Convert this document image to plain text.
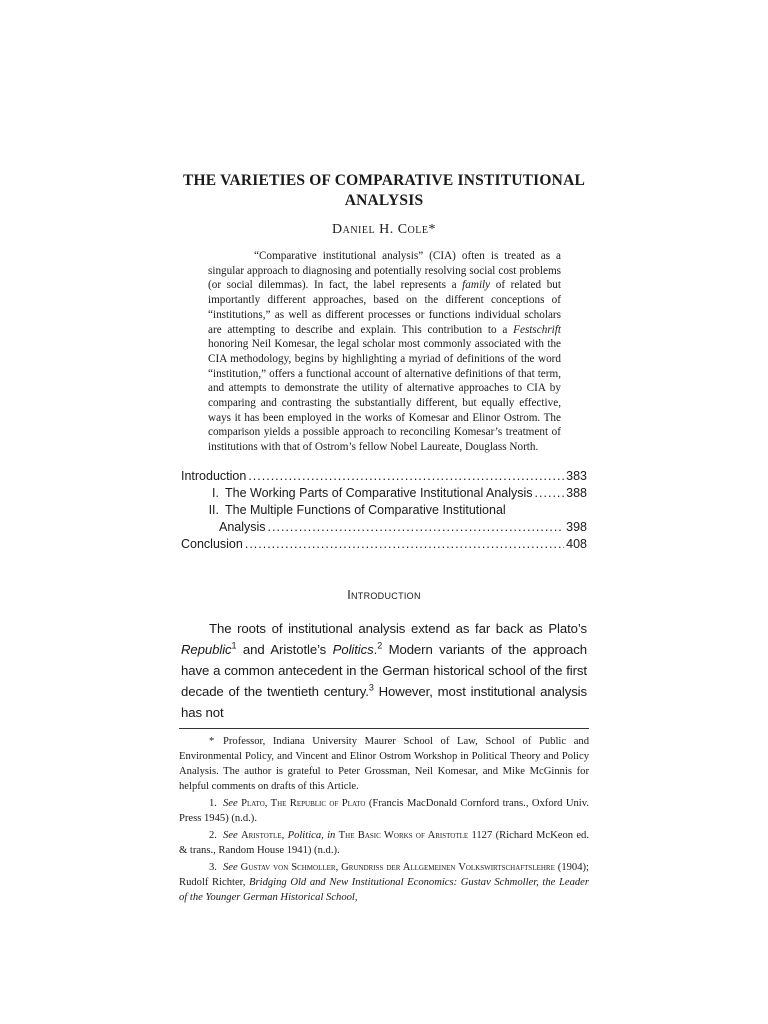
THE VARIETIES OF COMPARATIVE INSTITUTIONAL
ANALYSIS
Daniel H. Cole*

“Comparative institutional analysis” (CIA) often is treated as a singular approach to diagnosing and potentially resolving social cost problems (or social dilemmas). In fact, the label represents a family of related but importantly different approaches, based on the different conceptions of “institutions,” as well as different processes or functions individual scholars are attempting to describe and explain. This contribution to a Festschrift honoring Neil Komesar, the legal scholar most commonly associated with the CIA methodology, begins by highlighting a myriad of definitions of the word “institution,” offers a functional account of alternative definitions of that term, and attempts to demonstrate the utility of alternative approaches to CIA by comparing and contrasting the substantially different, but equally effective, ways it has been employed in the works of Komesar and Elinor Ostrom. The comparison yields a possible approach to reconciling Komesar’s treatment of institutions with that of Ostrom’s fellow Nobel Laureate, Douglass North.

Introduction .....	383
I. The Working Parts of Comparative Institutional Analysis .....	388
II. The Multiple Functions of Comparative Institutional
Analysis .....	398
Conclusion .....	408
Introduction

The roots of institutional analysis extend as far back as Plato’s Republic$^1$ and Aristotle’s Politics.$^2$ Modern variants of the approach have a common antecedent in the German historical school of the first decade of the twentieth century.$^3$ However, most institutional analysis has not

* Professor, Indiana University Maurer School of Law, School of Public and Environmental Policy, and Vincent and Elinor Ostrom Workshop in Political Theory and Policy Analysis. The author is grateful to Peter Grossman, Neil Komesar, and Mike McGinnis for helpful comments on drafts of this Article.

1. See Plato, The Republic of Plato (Francis MacDonald Cornford trans., Oxford Univ. Press 1945) (n.d.).

2. See Aristotle, Politica, in The Basic Works of Aristotle 1127 (Richard McKeon ed. & trans., Random House 1941) (n.d.).

3. See Gustav von Schmoller, Grundriss der Allgemeinen Volkswirtschaftslehre (1904); Rudolf Richter, Bridging Old and New Institutional Economics: Gustav Schmoller, the Leader of the Younger German Historical School,
